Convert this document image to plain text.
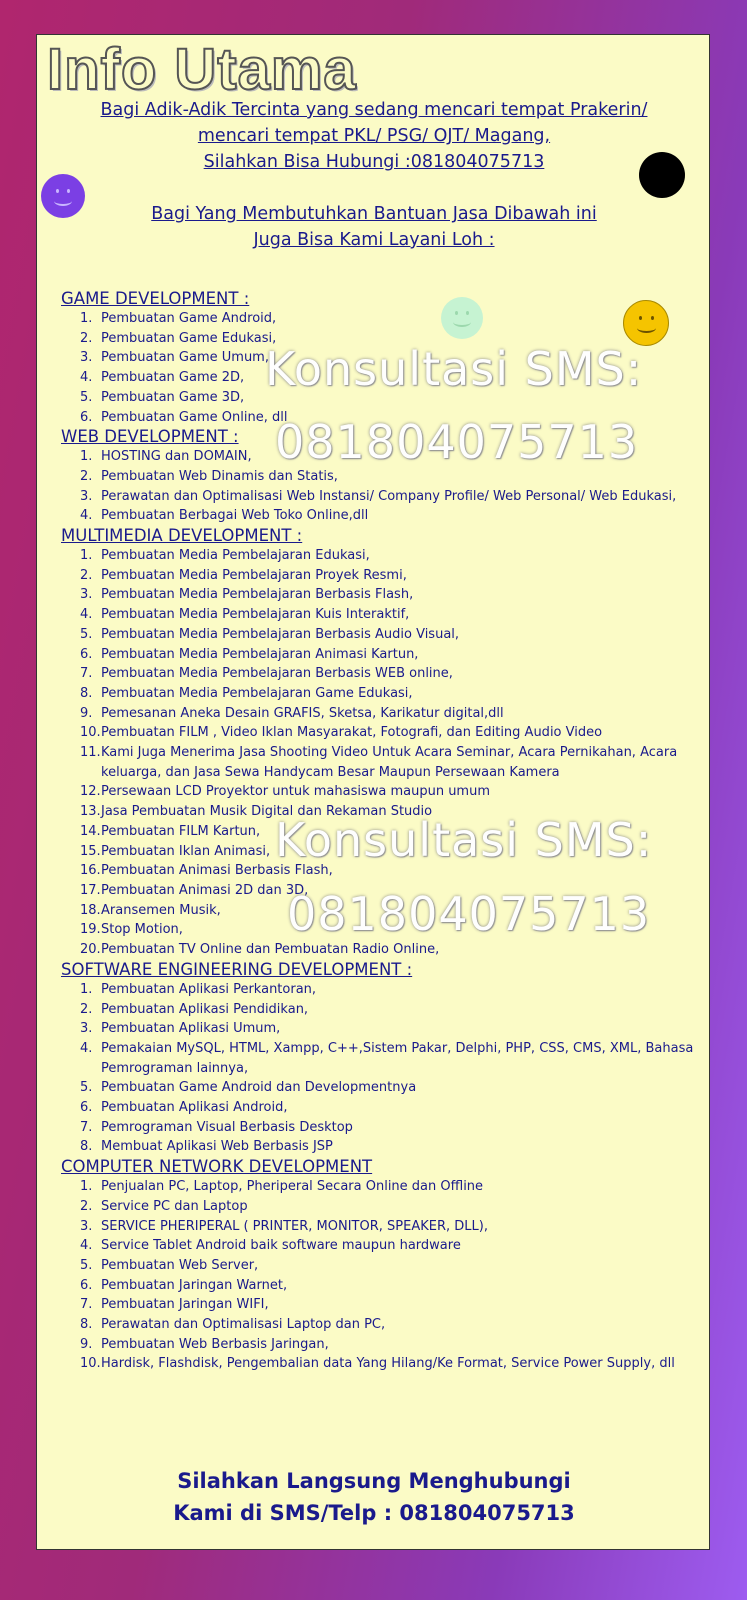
Info Utama
Bagi Adik-Adik Tercinta yang sedang mencari tempat Prakerin/
mencari tempat PKL/ PSG/ OJT/ Magang,
Silahkan Bisa Hubungi :081804075713
Bagi Yang Membutuhkan Bantuan Jasa Dibawah ini
Juga Bisa Kami Layani Loh :
GAME DEVELOPMENT :
1. Pembuatan Game Android,
2. Pembuatan Game Edukasi,
3. Pembuatan Game Umum,
4. Pembuatan Game 2D,
5. Pembuatan Game 3D,
6. Pembuatan Game Online, dll
WEB DEVELOPMENT :
1. HOSTING dan DOMAIN,
2. Pembuatan Web Dinamis dan Statis,
3. Perawatan dan Optimalisasi Web Instansi/ Company Profile/ Web Personal/ Web Edukasi,
4. Pembuatan Berbagai Web Toko Online,dll
MULTIMEDIA DEVELOPMENT :
1. Pembuatan Media Pembelajaran Edukasi,
2. Pembuatan Media Pembelajaran Proyek Resmi,
3. Pembuatan Media Pembelajaran Berbasis Flash,
4. Pembuatan Media Pembelajaran Kuis Interaktif,
5. Pembuatan Media Pembelajaran Berbasis Audio Visual,
6. Pembuatan Media Pembelajaran Animasi Kartun,
7. Pembuatan Media Pembelajaran Berbasis WEB online,
8. Pembuatan Media Pembelajaran Game Edukasi,
9. Pemesanan Aneka Desain GRAFIS, Sketsa, Karikatur digital,dll
10. Pembuatan FILM , Video Iklan Masyarakat, Fotografi, dan Editing Audio Video
11. Kami Juga Menerima Jasa Shooting Video Untuk Acara Seminar, Acara Pernikahan, Acara keluarga, dan Jasa Sewa Handycam Besar Maupun Persewaan Kamera
12. Persewaan LCD Proyektor untuk mahasiswa maupun umum
13. Jasa Pembuatan Musik Digital dan Rekaman Studio
14. Pembuatan FILM Kartun,
15. Pembuatan Iklan Animasi,
16. Pembuatan Animasi Berbasis Flash,
17. Pembuatan Animasi 2D dan 3D,
18. Aransemen Musik,
19. Stop Motion,
20. Pembuatan TV Online dan Pembuatan Radio Online,
SOFTWARE ENGINEERING DEVELOPMENT :
1. Pembuatan Aplikasi Perkantoran,
2. Pembuatan Aplikasi Pendidikan,
3. Pembuatan Aplikasi Umum,
4. Pemakaian MySQL, HTML, Xampp, C++,Sistem Pakar, Delphi, PHP, CSS, CMS, XML, Bahasa Pemrograman lainnya,
5. Pembuatan Game Android dan Developmentnya
6. Pembuatan Aplikasi Android,
7. Pemrograman Visual Berbasis Desktop
8. Membuat Aplikasi Web Berbasis JSP
COMPUTER NETWORK DEVELOPMENT
1. Penjualan PC, Laptop, Pheriperal Secara Online dan Offline
2. Service PC dan Laptop
3. SERVICE PHERIPERAL ( PRINTER, MONITOR, SPEAKER, DLL),
4. Service Tablet Android baik software maupun hardware
5. Pembuatan Web Server,
6. Pembuatan Jaringan Warnet,
7. Pembuatan Jaringan WIFI,
8. Perawatan dan Optimalisasi Laptop dan PC,
9. Pembuatan Web Berbasis Jaringan,
10. Hardisk, Flashdisk, Pengembalian data Yang Hilang/Ke Format, Service Power Supply, dll
Konsultasi SMS:
081804075713
Konsultasi SMS:
081804075713
Silahkan Langsung Menghubungi
Kami di SMS/Telp : 081804075713
